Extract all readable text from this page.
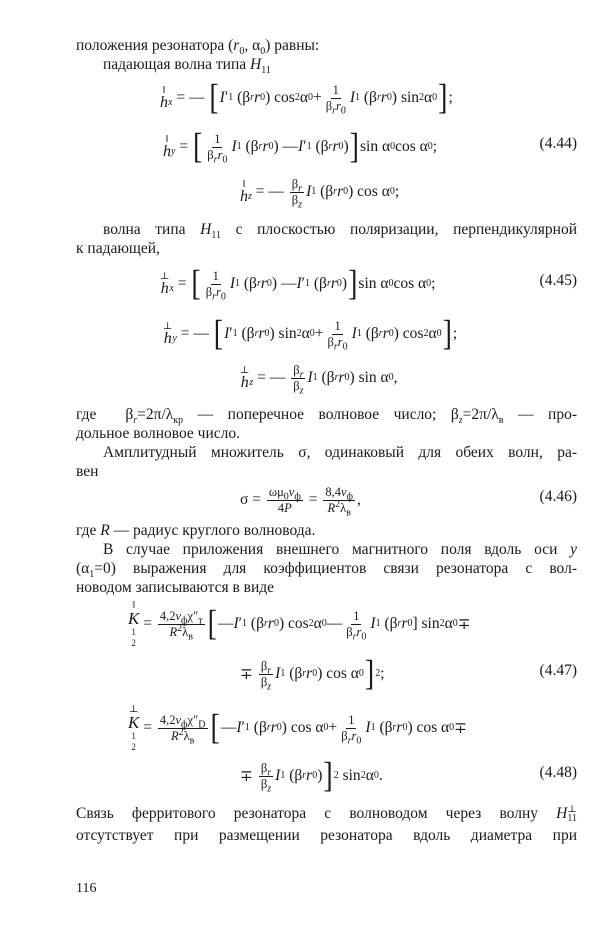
положения резонатора ($r_0$, $\alpha_0$) равны:
падающая волна типа $H_{11}$
‖
h x = — [ I ′ 1 (β r r 0 ) cos 2 α $0 + \frac{1}{\beta_rr_0}$ I 1 (β r r 0 ) sin 2 α 0 ] ;
‖
h y = [ $\frac{1}{\beta_rr_0}$ I 1 (β r r 0 ) — I ′ 1 (β r r 0 ) ] sin α 0 cos α 0 ;	(4.44)
‖
h z = — $\frac{\beta_r}{\beta_z}$ I 1 (β r r 0 ) cos α 0 ;
волна типа $H_{11}$ с плоскостью поляризации, перпендикулярной
к падающей,
⊥
h x = [ $\frac{1}{\beta_rr_0}$ I 1 (β r r 0 ) — I ′ 1 (β r r 0 ) ] sin α 0 cos α 0 ;	(4.45)
⊥
h y = — [ I ′ 1 (β r r 0 ) sin 2 α $0 + \frac{1}{\beta_rr_0}$ I 1 (β r r 0 ) cos 2 α 0 ] ;
⊥
h z = — $\frac{\beta_r}{\beta_z}$ I 1 (β r r 0 ) sin α 0 ,
где  $\beta_r=2\pi/\lambda_{кр}$ — поперечное волновое число; $\beta_z=2\pi/\lambda_в$ — про-
дольное волновое число.
Амплитудный множитель σ, одинаковый для обеих волн, ра-
вен
$\sigma = \frac{\omega\mu_0v_ф}{4P} = \frac{8,4v_ф}{R^2\lambda_в}$ ,	(4.46)
где R — радиус круглого волновода.
В случае приложения внешнего магнитного поля вдоль оси y
$(\alpha_1=0)$ выражения для коэффициентов связи резонатора с вол-
новодом записываются в виде
‖
K
1
2
= $\frac{4,2v_ф\chi''_т}{R^2\lambda_в}$ [ — I ′ 1 (β r r 0 ) cos 2 α 0 — $\frac{1}{\beta_rr_0}$ I 1 (β r r 0 ] sin 2 α 0 ∓
∓ $\frac{\beta_r}{\beta_z}$ I 1 (β r r 0 ) cos α 0 ] 2 ;	(4.47)
⊥
K
1
2
= $\frac{4,2v_ф\chi''_D}{R^2\lambda_в}$ [ — I ′ 1 (β r r 0 ) cos α $0 + \frac{1}{\beta_rr_0}$ I 1 (β r r 0 ) cos α 0 ∓
∓ $\frac{\beta_r}{\beta_z}$ I 1 (β r r 0 ) ] 2 sin 2 α 0 .	(4.48)
Связь ферритового резонатора с волноводом через волну H ⊥
11
отсутствует при размещении резонатора вдоль диаметра при
116
